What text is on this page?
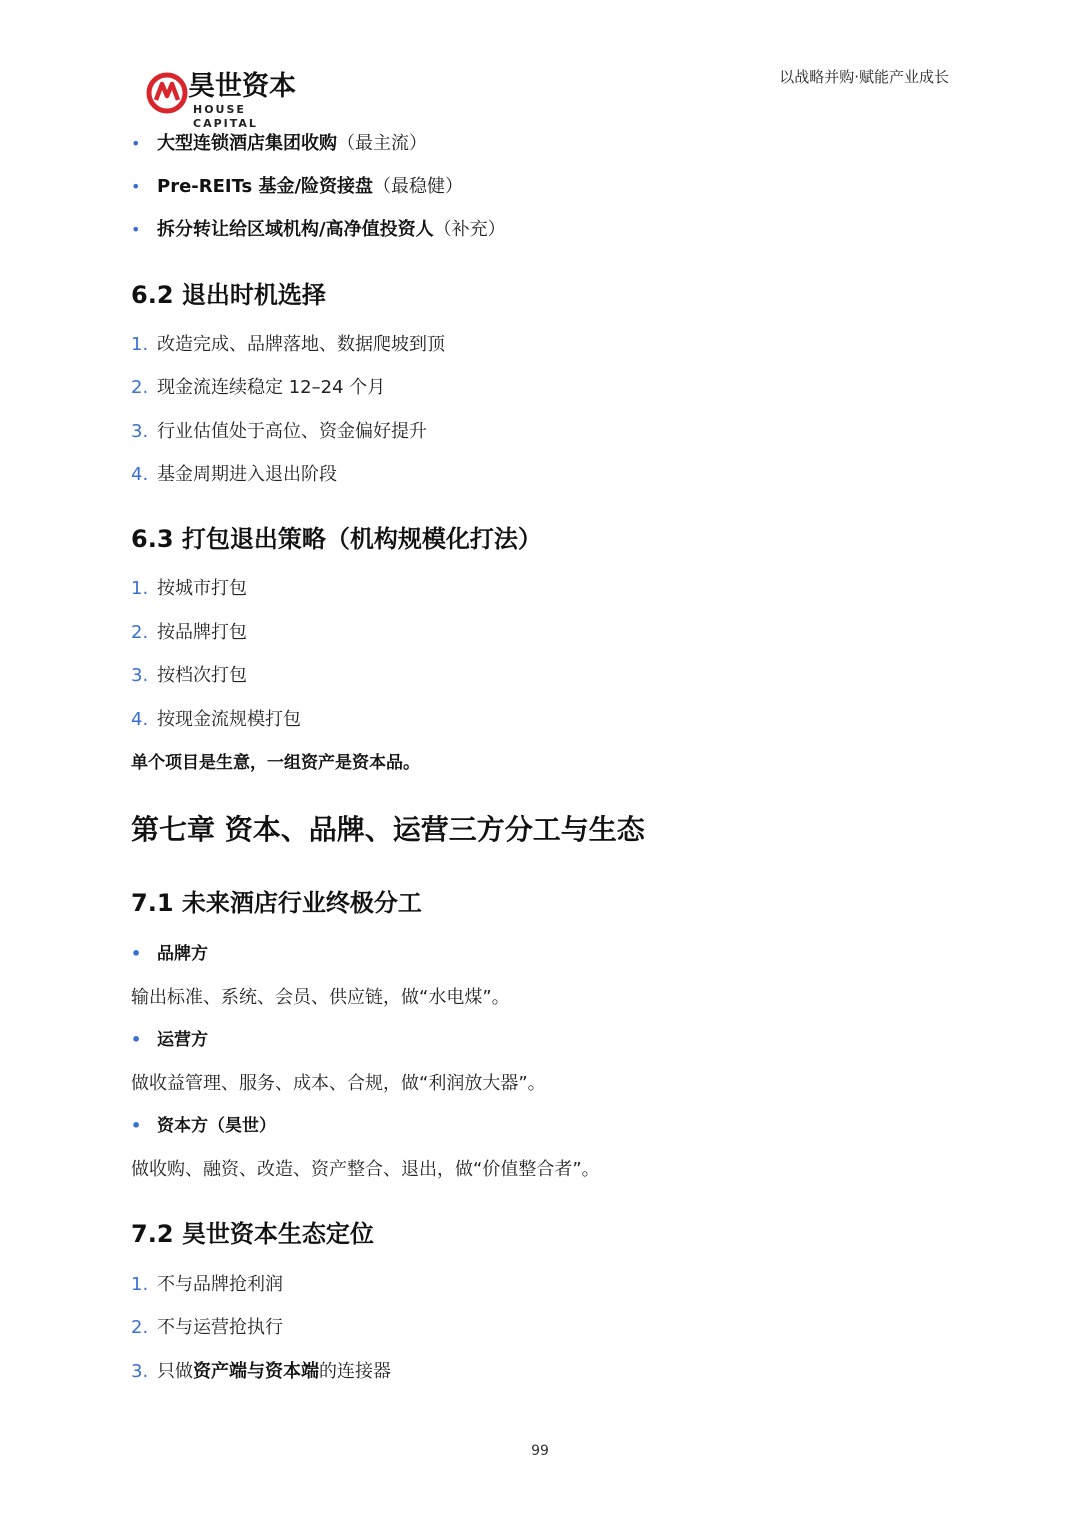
昊世资本
HOUSE CAPITAL
以战略并购·赋能产业成长
• 大型连锁酒店集团收购（最主流）
• Pre-REITs 基金/险资接盘（最稳健）
• 拆分转让给区域机构/高净值投资人（补充）
6.2 退出时机选择
1. 改造完成、品牌落地、数据爬坡到顶
2. 现金流连续稳定 12–24 个月
3. 行业估值处于高位、资金偏好提升
4. 基金周期进入退出阶段
6.3 打包退出策略（机构规模化打法）
1. 按城市打包
2. 按品牌打包
3. 按档次打包
4. 按现金流规模打包
单个项目是生意，一组资产是资本品。
第七章 资本、品牌、运营三方分工与生态
7.1 未来酒店行业终极分工
• 品牌方
输出标准、系统、会员、供应链，做“水电煤”。
• 运营方
做收益管理、服务、成本、合规，做“利润放大器”。
• 资本方（昊世）
做收购、融资、改造、资产整合、退出，做“价值整合者”。
7.2 昊世资本生态定位
1. 不与品牌抢利润
2. 不与运营抢执行
3. 只做资产端与资本端的连接器
99
